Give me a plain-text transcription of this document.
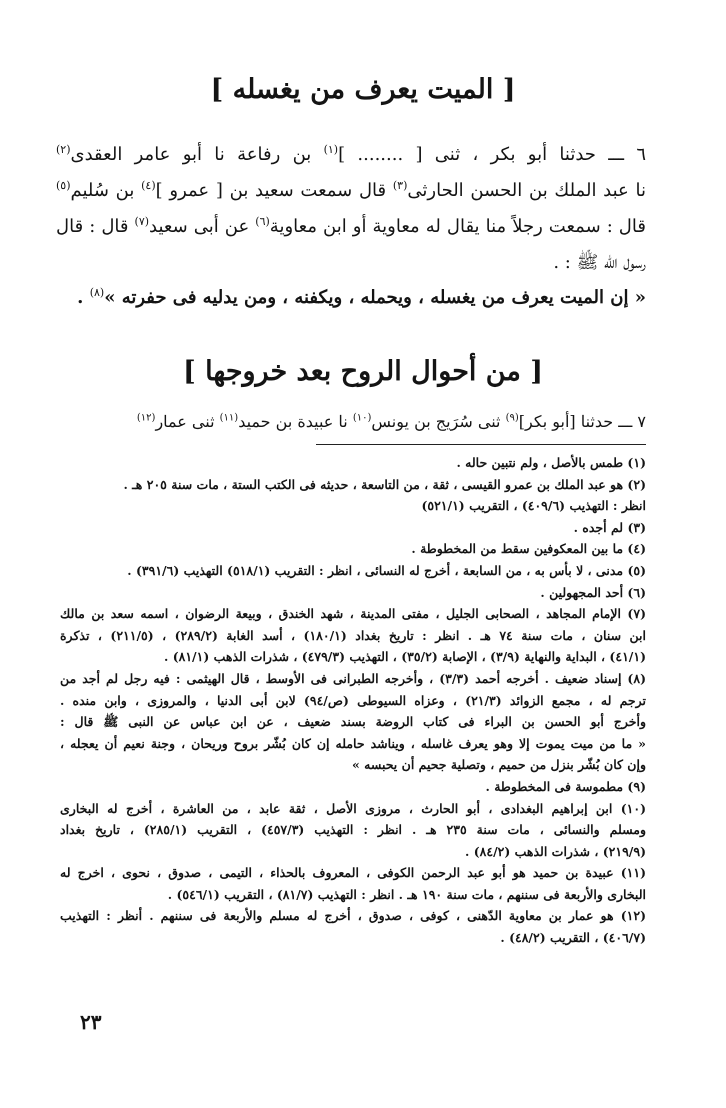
[ الميت يعرف من يغسله ]

٦ ـــ حدثنا أبو بكر ، ثنى [ ........ ]$^{(١)}$ بن رفاعة نا أبو عامر العقدى$^{(٢)}$

نا عبد الملك بن الحسن الحارثى$^{(٣)}$ قال سمعت سعيد بن [ عمرو ]$^{(٤)}$ بن سُليم$^{(٥)}$

قال : سمعت رجلاً منا يقال له معاوية أو ابن معاوية$^{(٦)}$ عن أبى سعيد$^{(٧)}$ قال : قال

رسول الله ﷺ : .

« إن الميت يعرف من يغسله ، ويحمله ، ويكفنه ، ومن يدليه فى حفرته »$^{(٨)}$ .
[ من أحوال الروح بعد خروجها ]
٧ ـــ حدثنا [أبو بكر]$^{(٩)}$ ثنى سُرَيج بن يونس$^{(١٠)}$ نا عبيدة بن حميد$^{(١١)}$ ثنى عمار$^{(١٢)}$

(١) طمس بالأصل ، ولم نتبين حاله .

(٢) هو عبد الملك بن عمرو القيسى ، ثقة ، من التاسعة ، حديثه فى الكتب الستة ، مات سنة ٢٠٥ هـ .

انظر : التهذيب (٤٠٩/٦) ، التقريب (٥٢١/١)

(٣) لم أجده .

(٤) ما بين المعكوفين سقط من المخطوطة .

(٥) مدنى ، لا بأس به ، من السابعة ، أخرج له النسائى ، انظر : التقريب (٥١٨/١) التهذيب (٣٩١/٦) .

(٦) أحد المجهولين .

(٧) الإمام المجاهد ، الصحابى الجليل ، مفتى المدينة ، شهد الخندق ، وبيعة الرضوان ، اسمه سعد بن مالك

ابن سنان ، مات سنة ٧٤ هـ . انظر : تاريخ بغداد (١٨٠/١) ، أسد الغابة (٢٨٩/٢) ، (٢١١/٥) ، تذكرة

(٤١/١) ، البداية والنهاية (٣/٩) ، الإصابة (٣٥/٢) ، التهذيب (٤٧٩/٣) ، شذرات الذهب (٨١/١) .

(٨) إسناد ضعيف . أخرجه أحمد (٣/٣) ، وأخرجه الطبرانى فى الأوسط ، قال الهيثمى : فيه رجل لم أجد من

ترجم له ، مجمع الزوائد (٢١/٣) ، وعزاه السيوطى (ص/٩٤) لابن أبى الدنيا ، والمروزى ، وابن منده .

وأخرج أبو الحسن بن البراء فى كتاب الروضة بسند ضعيف ، عن ابن عباس عن النبى ﷺ قال :

« ما من ميت يموت إلا وهو يعرف غاسله ، ويناشد حامله إن كان بُشّر بروح وريحان ، وجنة نعيم أن يعجله ،

وإن كان بُشّر بنزل من حميم ، وتصلية جحيم أن يحبسه »

(٩) مطموسة فى المخطوطة .

(١٠) ابن إبراهيم البغدادى ، أبو الحارث ، مروزى الأصل ، ثقة عابد ، من العاشرة ، أخرج له البخارى

ومسلم والنسائى ، مات سنة ٢٣٥ هـ . انظر : التهذيب (٤٥٧/٣) ، التقريب (٢٨٥/١) ، تاريخ بغداد

(٢١٩/٩) ، شذرات الذهب (٨٤/٢) .

(١١) عبيدة بن حميد هو أبو عبد الرحمن الكوفى ، المعروف بالحذاء ، التيمى ، صدوق ، نحوى ، اخرج له

البخارى والأربعة فى سننهم ، مات سنة ١٩٠ هـ . انظر : التهذيب (٨١/٧) ، التقريب (٥٤٦/١) .

(١٢) هو عمار بن معاوية الدّهنى ، كوفى ، صدوق ، أخرج له مسلم والأربعة فى سننهم . أنظر : التهذيب

(٤٠٦/٧) ، التقريب (٤٨/٢) .

٢٣
